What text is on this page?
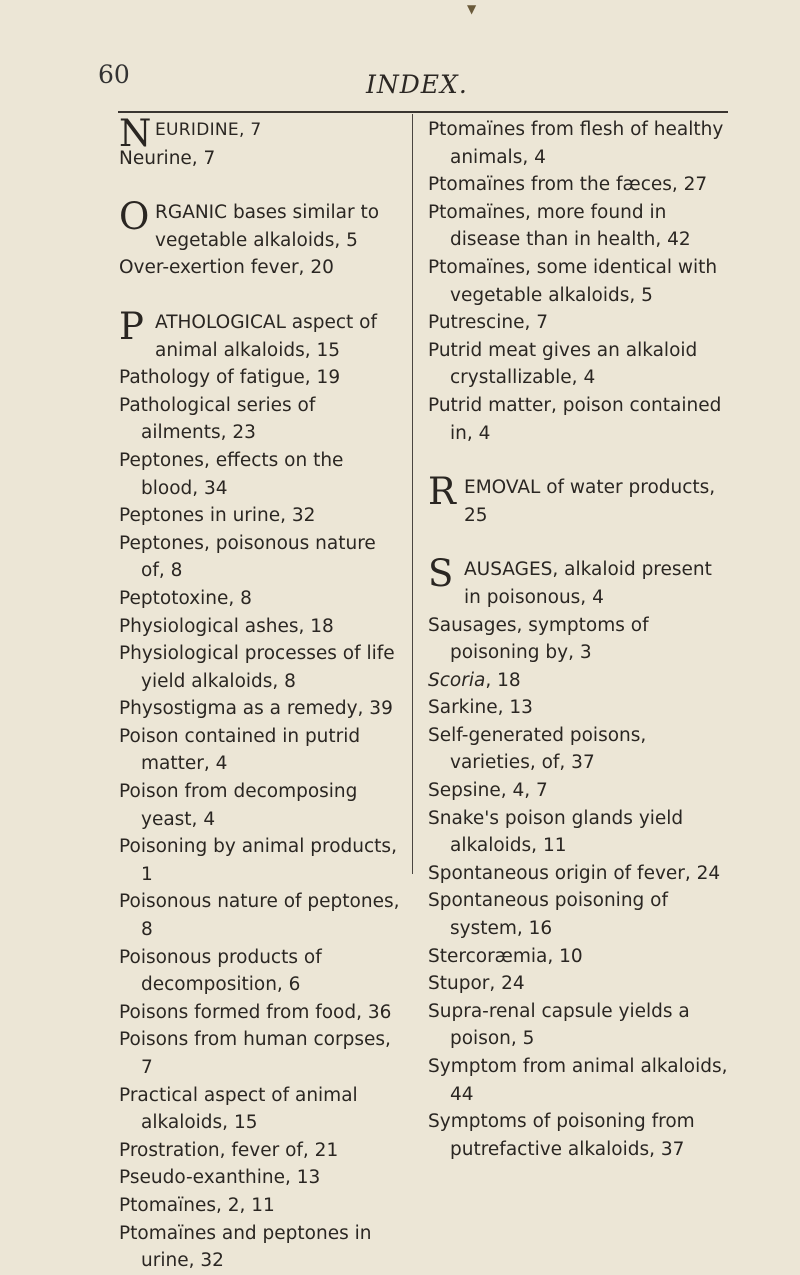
▼
60	INDEX.

N EURIDINE, 7

Neurine, 7

O RGANIC bases similar to vegetable alkaloids, 5

Over-exertion fever, 20

P ATHOLOGICAL aspect of animal alkaloids, 15

Pathology of fatigue, 19

Pathological series of ailments, 23

Peptones, effects on the blood, 34

Peptones in urine, 32

Peptones, poisonous nature of, 8

Peptotoxine, 8

Physiological ashes, 18

Physiological processes of life yield alkaloids, 8

Physostigma as a remedy, 39

Poison contained in putrid matter, 4

Poison from decomposing yeast, 4

Poisoning by animal products, 1

Poisonous nature of peptones, 8

Poisonous products of decomposition, 6

Poisons formed from food, 36

Poisons from human corpses, 7

Practical aspect of animal alkaloids, 15

Prostration, fever of, 21

Pseudo-exanthine, 13

Ptomaïnes, 2, 11

Ptomaïnes and peptones in urine, 32

Ptomaïnes from flesh of healthy animals, 4

Ptomaïnes from the fæces, 27

Ptomaïnes, more found in disease than in health, 42

Ptomaïnes, some identical with vegetable alkaloids, 5

Putrescine, 7

Putrid meat gives an alkaloid crystallizable, 4

Putrid matter, poison contained in, 4

R EMOVAL of water products, 25

S AUSAGES, alkaloid present in poisonous, 4

Sausages, symptoms of poisoning by, 3

Scoria, 18

Sarkine, 13

Self-generated poisons, varieties, of, 37

Sepsine, 4, 7

Snake's poison glands yield alkaloids, 11

Spontaneous origin of fever, 24

Spontaneous poisoning of system, 16

Stercoræmia, 10

Stupor, 24

Supra-renal capsule yields a poison, 5

Symptom from animal alkaloids, 44

Symptoms of poisoning from putrefactive alkaloids, 37
